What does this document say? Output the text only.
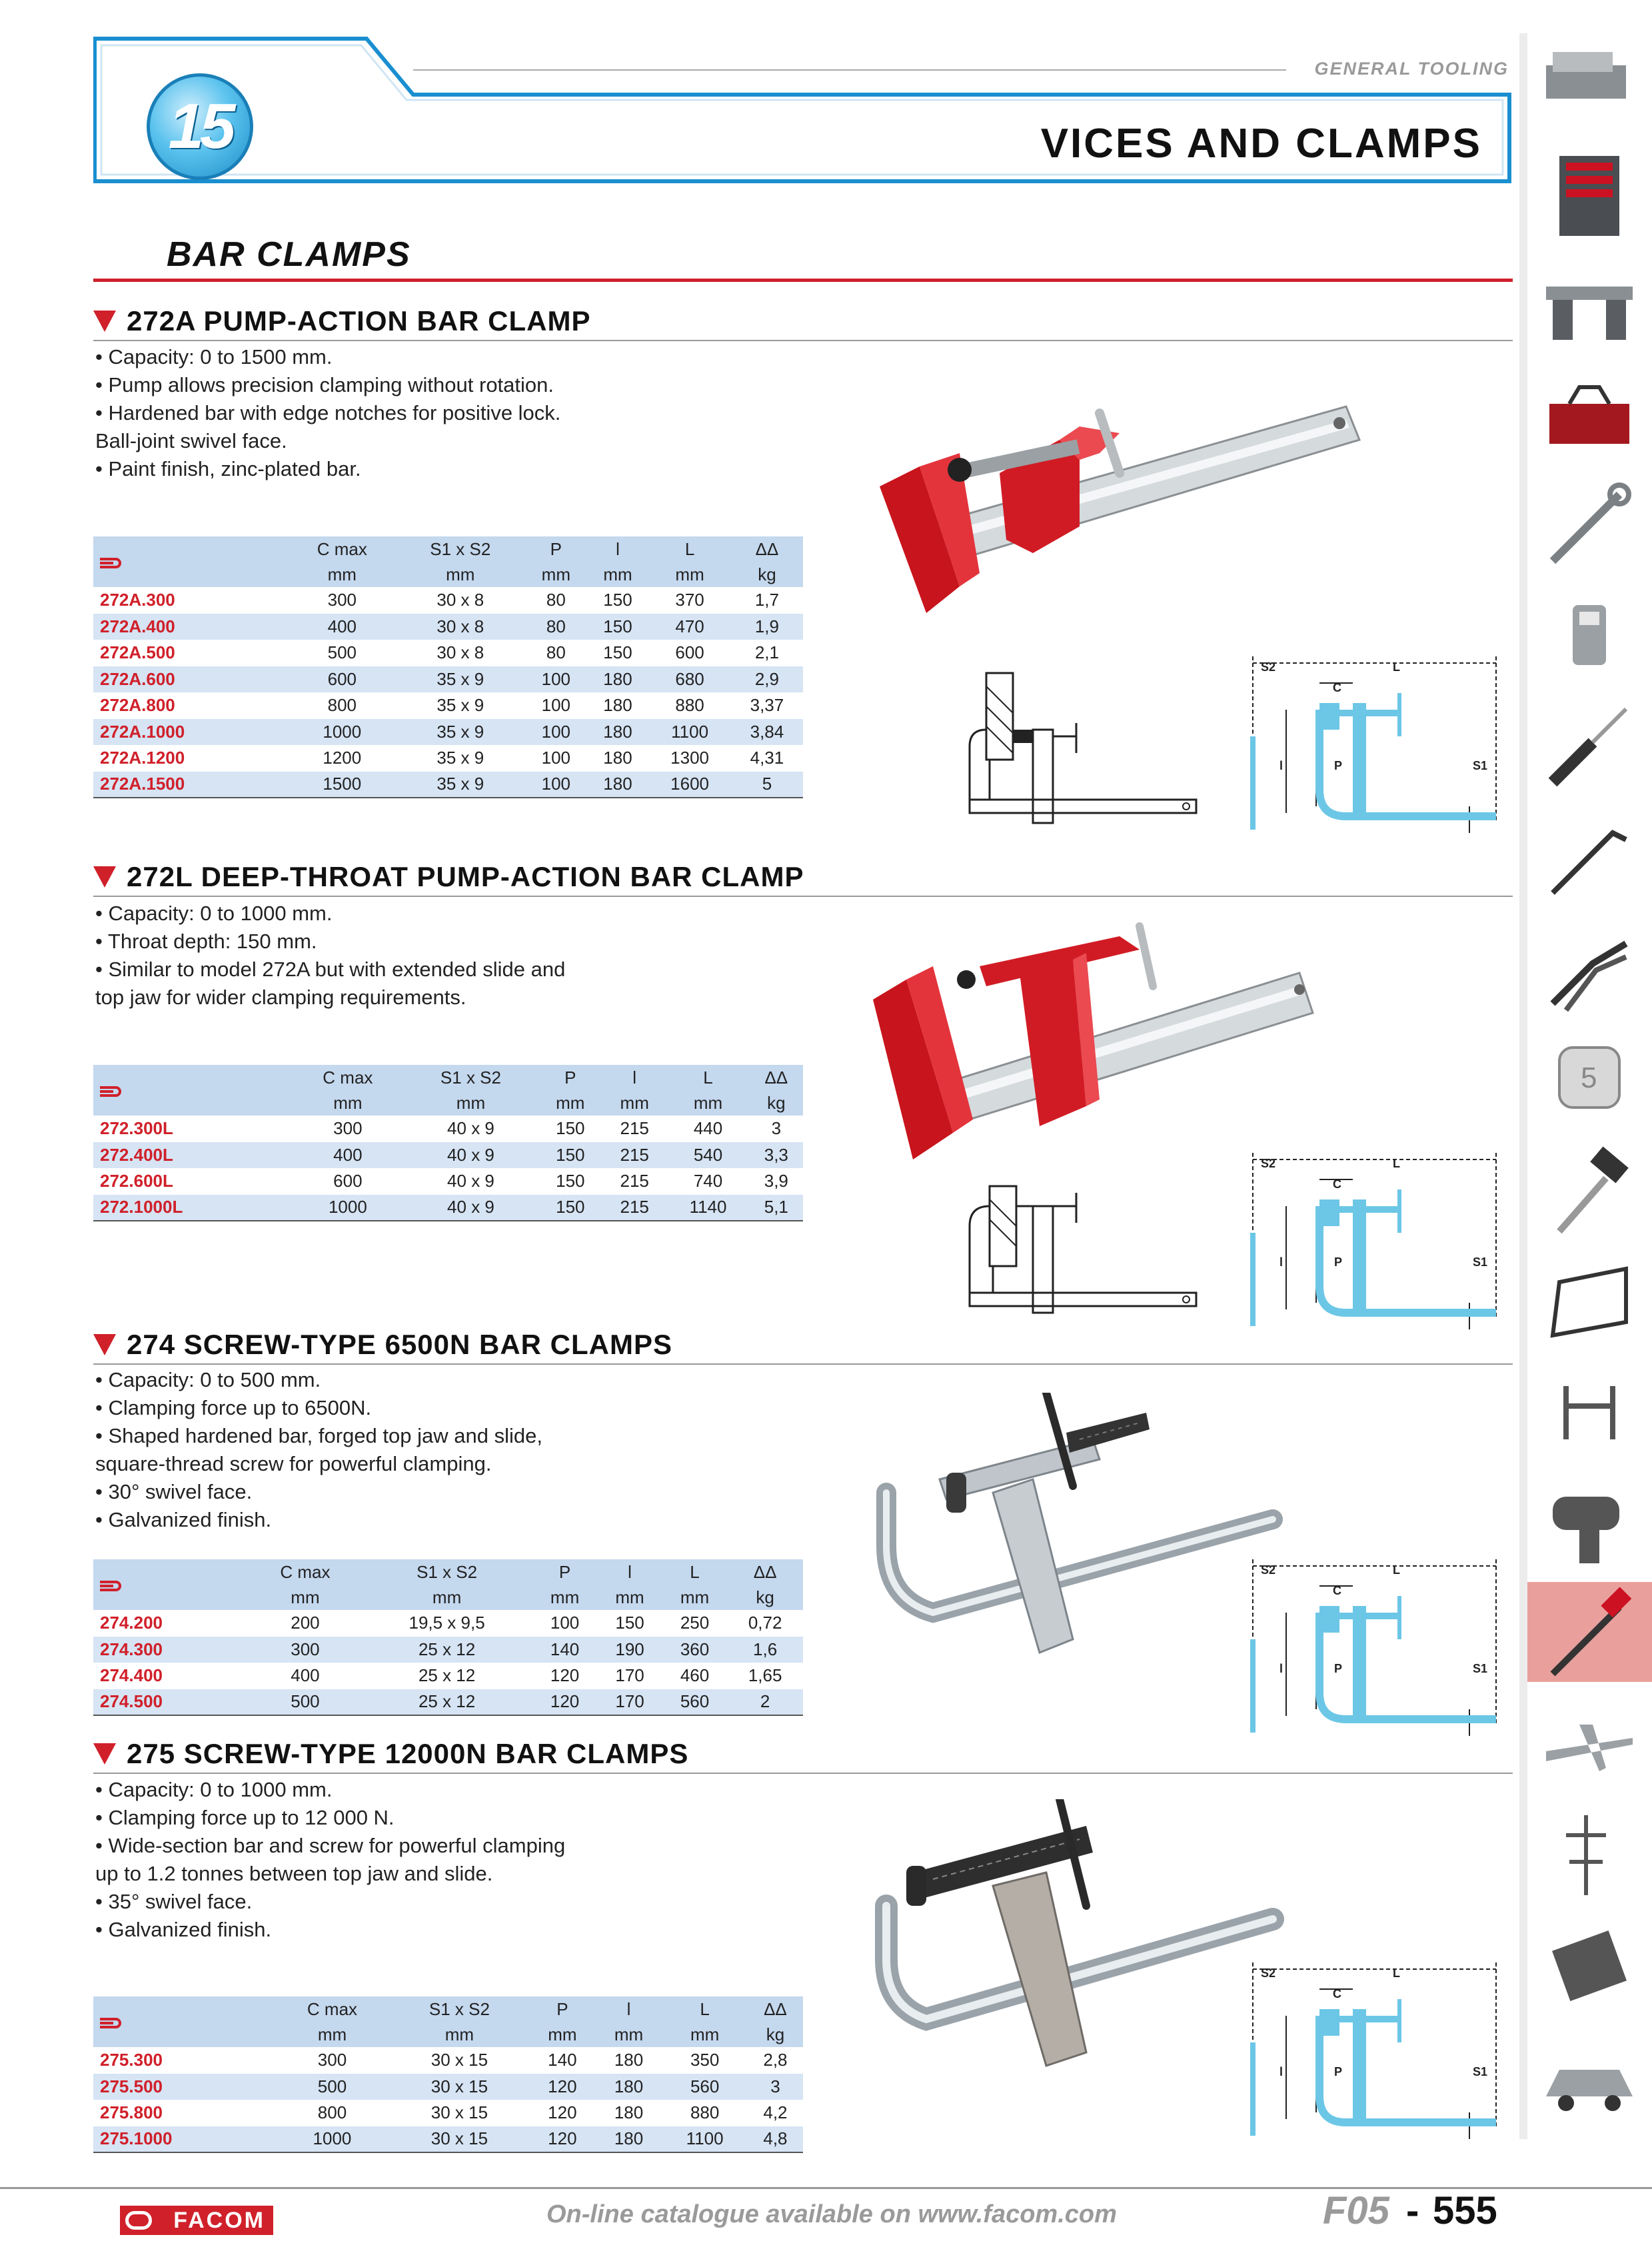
15
GENERAL TOOLING
VICES AND CLAMPS
5
BAR CLAMPS
272A PUMP-ACTION BAR CLAMP

• Capacity: 0 to 1500 mm.

• Pump allows precision clamping without rotation.

• Hardened bar with edge notches for positive lock.

Ball-joint swivel face.

• Paint finish, zinc-plated bar.

	C max	S1 x S2	P	l	L	ΔΔ
	mm	mm	mm	mm	mm	kg
272A.300	300	30 x 8	80	150	370	1,7
272A.400	400	30 x 8	80	150	470	1,9
272A.500	500	30 x 8	80	150	600	2,1
272A.600	600	35 x 9	100	180	680	2,9
272A.800	800	35 x 9	100	180	880	3,37
272A.1000	1000	35 x 9	100	180	1100	3,84
272A.1200	1200	35 x 9	100	180	1300	4,31
272A.1500	1500	35 x 9	100	180	1600	5
272L DEEP-THROAT PUMP-ACTION BAR CLAMP

• Capacity: 0 to 1000 mm.

• Throat depth: 150 mm.

• Similar to model 272A but with extended slide and

top jaw for wider clamping requirements.

	C max	S1 x S2	P	l	L	ΔΔ
	mm	mm	mm	mm	mm	kg
272.300L	300	40 x 9	150	215	440	3
272.400L	400	40 x 9	150	215	540	3,3
272.600L	600	40 x 9	150	215	740	3,9
272.1000L	1000	40 x 9	150	215	1140	5,1
274 SCREW-TYPE 6500N BAR CLAMPS

• Capacity: 0 to 500 mm.

• Clamping force up to 6500N.

• Shaped hardened bar, forged top jaw and slide,

square-thread screw for powerful clamping.

• 30° swivel face.

• Galvanized finish.

	C max	S1 x S2	P	l	L	ΔΔ
	mm	mm	mm	mm	mm	kg
274.200	200	19,5 x 9,5	100	150	250	0,72
274.300	300	25 x 12	140	190	360	1,6
274.400	400	25 x 12	120	170	460	1,65
274.500	500	25 x 12	120	170	560	2
275 SCREW-TYPE 12000N BAR CLAMPS

• Capacity: 0 to 1000 mm.

• Clamping force up to 12 000 N.

• Wide-section bar and screw for powerful clamping

up to 1.2 tonnes between top jaw and slide.

• 35° swivel face.

• Galvanized finish.

	C max	S1 x S2	P	l	L	ΔΔ
	mm	mm	mm	mm	mm	kg
275.300	300	30 x 15	140	180	350	2,8
275.500	500	30 x 15	120	180	560	3
275.800	800	30 x 15	120	180	880	4,2
275.1000	1000	30 x 15	120	180	1100	4,8
FACOM	On-line catalogue available on www.facom.com	F05 - 555
S2	L
C
l	P	S1
S2	L
C
l	P	S1
S2	L
C
l	P	S1
S2	L
C
l	P	S1
